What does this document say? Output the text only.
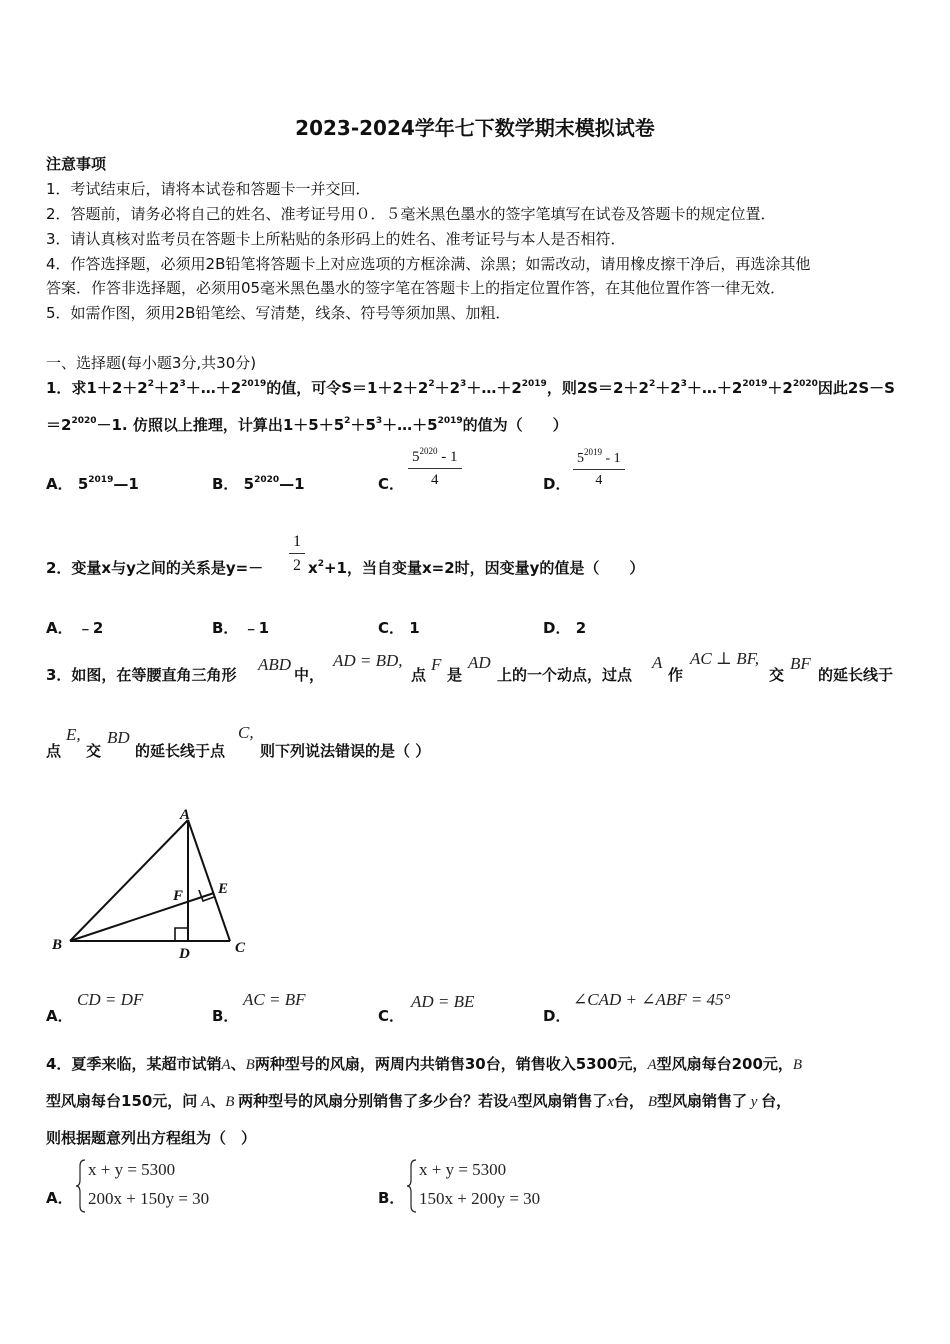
2023-2024学年七下数学期末模拟试卷
注意事项
1．考试结束后，请将本试卷和答题卡一并交回．
2．答题前，请务必将自己的姓名、准考证号用０．５毫米黑色墨水的签字笔填写在试卷及答题卡的规定位置．
3．请认真核对监考员在答题卡上所粘贴的条形码上的姓名、准考证号与本人是否相符．
4．作答选择题，必须用2B铅笔将答题卡上对应选项的方框涂满、涂黑；如需改动，请用橡皮擦干净后，再选涂其他
答案．作答非选择题，必须用05毫米黑色墨水的签字笔在答题卡上的指定位置作答，在其他位置作答一律无效．
5．如需作图，须用2B铅笔绘、写清楚，线条、符号等须加黑、加粗．
一、选择题(每小题3分,共30分)
1．求$1+2+2^2+2^3+\dots+2^{2019}$的值，可令$S=1+2+2^2+2^3+\dots+2^{2019}$，则$2S=2+2^2+2^3+\dots+2^{2019}+2^{2020}$因此2S－S
$=2^{2020}-1$. 仿照以上推理，计算出$1+5+5^2+5^3+\dots+5^{2019}$的值为（　　）
A． $5^{2019}—1$	B． $5^{2020}—1$	C． $\frac{5^{2020} - 1}{4}$	D． $\frac{5^{2019} - 1}{4}$
2．变量x与y之间的关系是$y=- \frac{1}{2} x^2+1$，当自变量x=2时，因变量y的值是（　　）
A． ﹣2	B． ﹣1	C． 1	D． 2
3．如图，在等腰直角三角形
ABD
中，
AD = BD,
点
F
是
AD
上的一个动点，过点
A
作
AC ⊥ BF,
交
BF
的延长线于
点
E,
交
BD
的延长线于点
C,
则下列说法错误的是（ ）
A
B	C
D
E
F
A．
CD = DF
B．
AC = BF
C．
AD = BE
D．
∠CAD + ∠ABF = 45°
4．夏季来临，某超市试销A、B两种型号的风扇，两周内共销售30台，销售收入5300元，A型风扇每台200元，B
型风扇每台150元，问 A、B 两种型号的风扇分别销售了多少台？若设A型风扇销售了x台， B型风扇销售了 y 台，
则根据题意列出方程组为（　）
A．
x + y = 5300
200x + 150y = 30	B．
x + y = 5300
150x + 200y = 30
